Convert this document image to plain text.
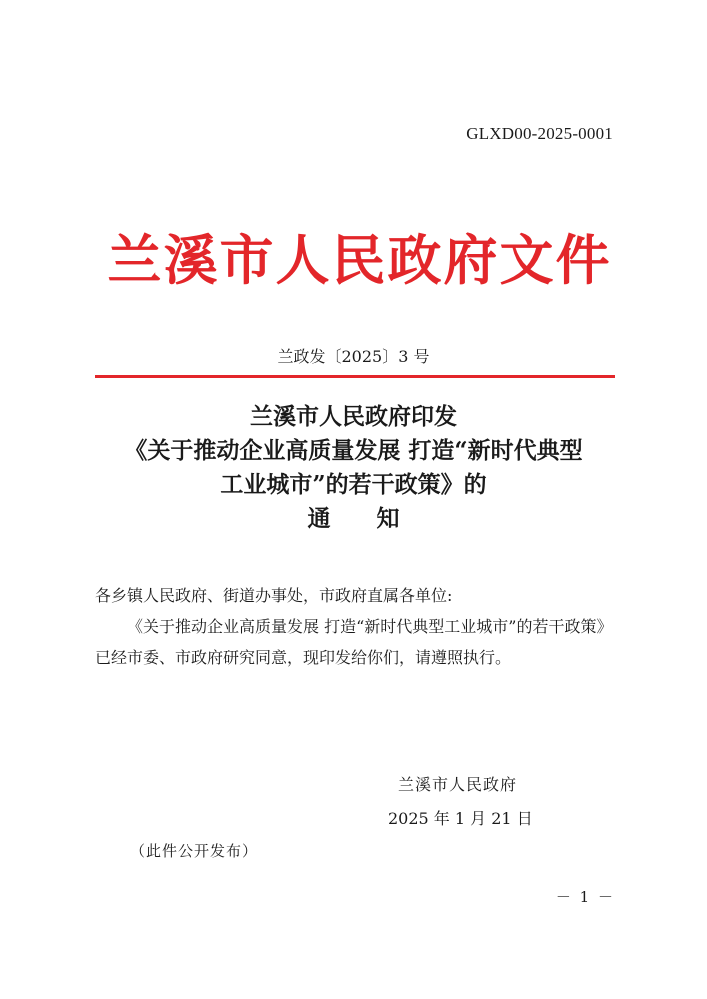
GLXD00-2025-0001
兰溪市人民政府文件
兰政发〔2025〕3 号
兰溪市人民政府印发
《关于推动企业高质量发展 打造“新时代典型
工业城市”的若干政策》的
通　　知

各乡镇人民政府、街道办事处，市政府直属各单位:

《关于推动企业高质量发展 打造“新时代典型工业城市”的若干政策》已经市委、市政府研究同意，现印发给你们，请遵照执行。

兰溪市人民政府
2025 年 1 月 21 日
（此件公开发布）
－ 1 －
